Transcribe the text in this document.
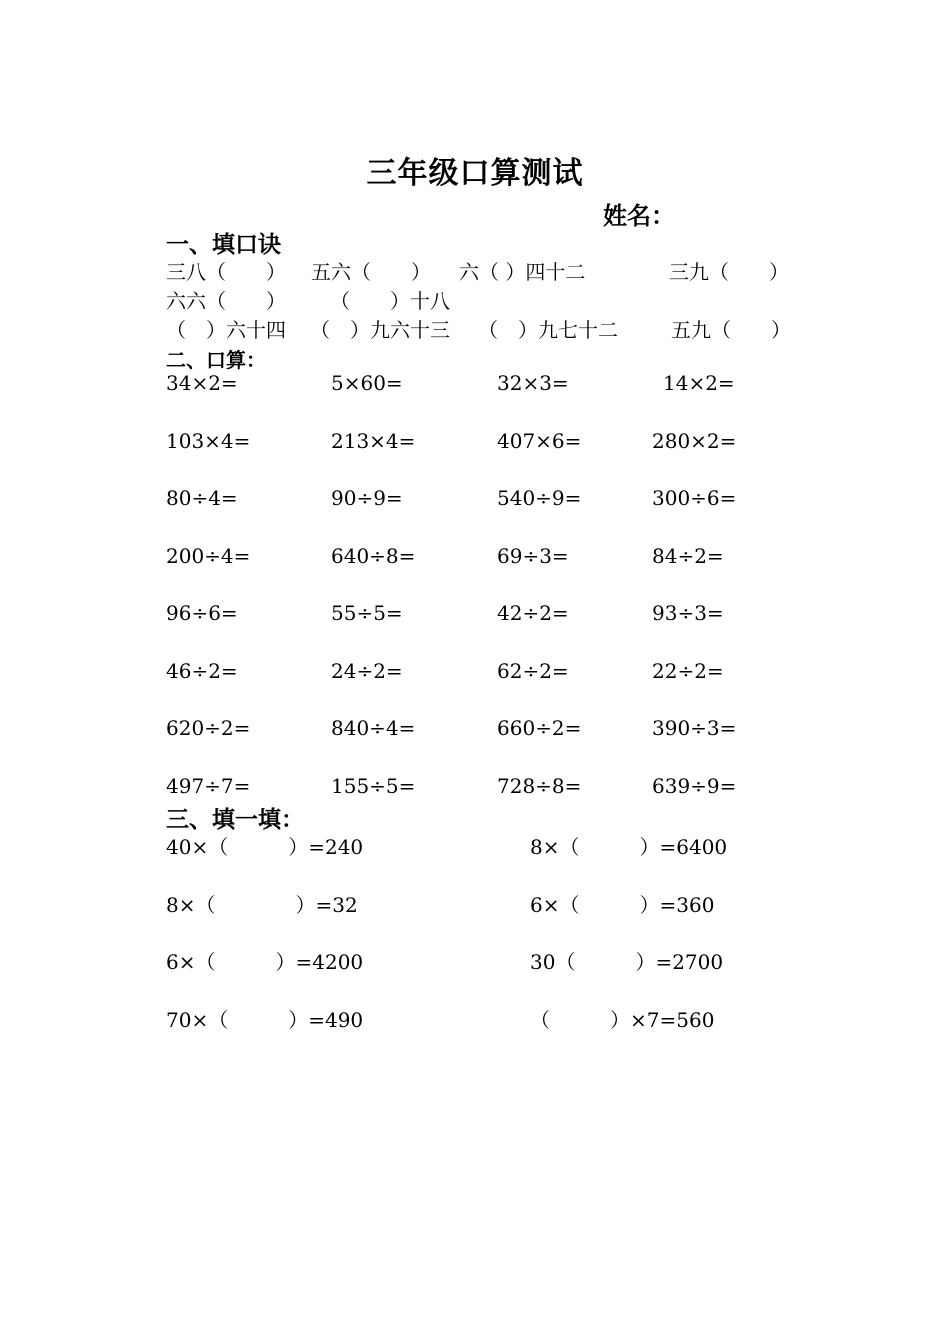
三年级口算测试
姓名：
一、填口诀
三八（　　） 五六（　　） 六（ ）四十二	三九（　　）
六六（　　） （　　）十八
（　）六十四 （　）九六十三 （　）九七十二	五九（　　）
二、口算：
34×2=	5×60=	32×3=	14×2=
103×4=	213×4=	407×6=	280×2=
80÷4=	90÷9=	540÷9=	300÷6=
200÷4=	640÷8=	69÷3=	84÷2=
96÷6=	55÷5=	42÷2=	93÷3=
46÷2=	24÷2=	62÷2=	22÷2=
620÷2=	840÷4=	660÷2=	390÷3=
497÷7=	155÷5=	728÷8=	639÷9=
三、填一填：
40×（　　　）=240	8×（　　　）=6400
8×（　　　　）=32	6×（　　　）=360
6×（　　　）=4200	30（　　　）=2700
70×（　　　）=490	（　　　）×7=560
